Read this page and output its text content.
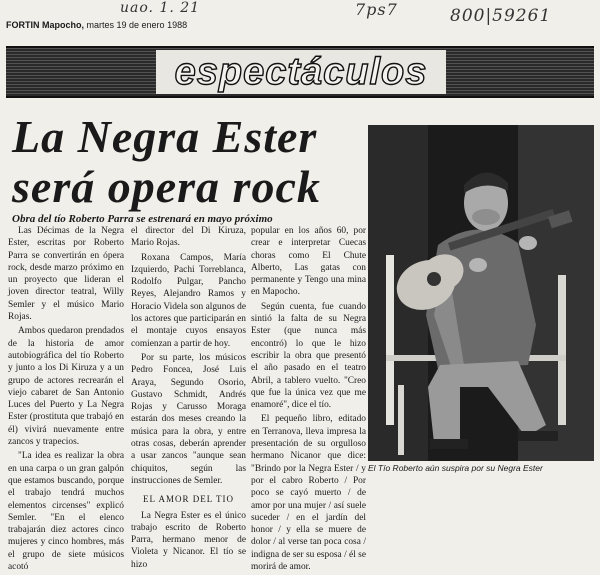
uao. 1. 21	7ps7	800|59261
FORTIN Mapocho, martes 19 de enero 1988
espectáculos
La Negra Ester
será opera rock
Obra del tío Roberto Parra se estrenará en mayo próximo

Las Décimas de la Negra Ester, escritas por Roberto Parra se convertirán en ópera rock, desde marzo próximo en un proyecto que lideran el joven director teatral, Willy Semler y el músico Mario Rojas.

Ambos quedaron prendados de la historia de amor autobiográfica del tío Roberto y junto a los Di Kiruza y a un grupo de actores recrearán el viejo cabaret de San Antonio Luces del Puerto y La Negra Ester (prostituta que trabajó en él) vivirá nuevamente entre zancos y trapecios.

"La idea es realizar la obra en una carpa o un gran galpón que estamos buscando, porque el trabajo tendrá muchos elementos circenses" explicó Semler. "En el elenco trabajarán diez actores cinco mujeres y cinco hombres, más el grupo de siete músicos acotó

el director del Di Kiruza, Mario Rojas.

Roxana Campos, María Izquierdo, Pachi Torreblanca, Rodolfo Pulgar, Pancho Reyes, Alejandro Ramos y Horacio Videla son algunos de los actores que participarán en el montaje cuyos ensayos comienzan a partir de hoy.

Por su parte, los músicos Pedro Foncea, José Luis Araya, Segundo Osorio, Gustavo Schmidt, Andrés Rojas y Carusso Moraga estarán dos meses creando la música para la obra, y entre otras cosas, deberán aprender a usar zancos "aunque sean chiquitos, según las instrucciones de Semler.

EL AMOR DEL TIO

La Negra Ester es el único trabajo escrito de Roberto Parra, hermano menor de Violeta y Nicanor. El tío se hizo

popular en los años 60, por crear e interpretar Cuecas choras como El Chute Alberto, Las gatas con permanente y Tengo una mina en Mapocho.

Según cuenta, fue cuando sintió la falta de su Negra Ester (que nunca más encontró) lo que le hizo escribir la obra que presentó el año pasado en el teatro Abril, a tablero vuelto. "Creo que fue la única vez que me enamoré", dice el tío.

El pequeño libro, editado en Terranova, lleva impresa la presentación de su orgulloso hermano Nicanor que dice: "Brindo por la Negra Ester / y por el cabro Roberto / Por poco se cayó muerto / de amor por una mujer / así suele suceder / en el jardín del honor / y ella se muere de dolor / al verse tan poca cosa / indigna de ser su esposa / él se morirá de amor.

El Tío Roberto aún suspira por su Negra Ester
